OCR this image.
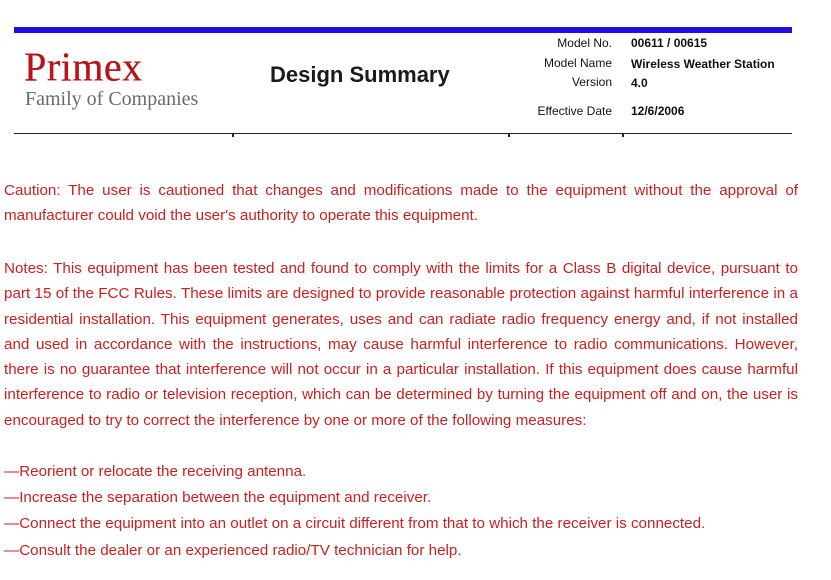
Primex
Family of Companies
Design Summary
Model No. 00611 / 00615
Model Name Wireless Weather Station
Version 4.0
Effective Date 12/6/2006

Caution: The user is cautioned that changes and modifications made to the equipment without the approval of manufacturer could void the user's authority to operate this equipment.

Notes: This equipment has been tested and found to comply with the limits for a Class B digital device, pursuant to part 15 of the FCC Rules. These limits are designed to provide reasonable protection against harmful interference in a residential installation. This equipment generates, uses and can radiate radio frequency energy and, if not installed and used in accordance with the instructions, may cause harmful interference to radio communications. However, there is no guarantee that interference will not occur in a particular installation. If this equipment does cause harmful interference to radio or television reception, which can be determined by turning the equipment off and on, the user is encouraged to try to correct the interference by one or more of the following measures:

—Reorient or relocate the receiving antenna.
—Increase the separation between the equipment and receiver.
—Connect the equipment into an outlet on a circuit different from that to which the receiver is connected.
—Consult the dealer or an experienced radio/TV technician for help.
